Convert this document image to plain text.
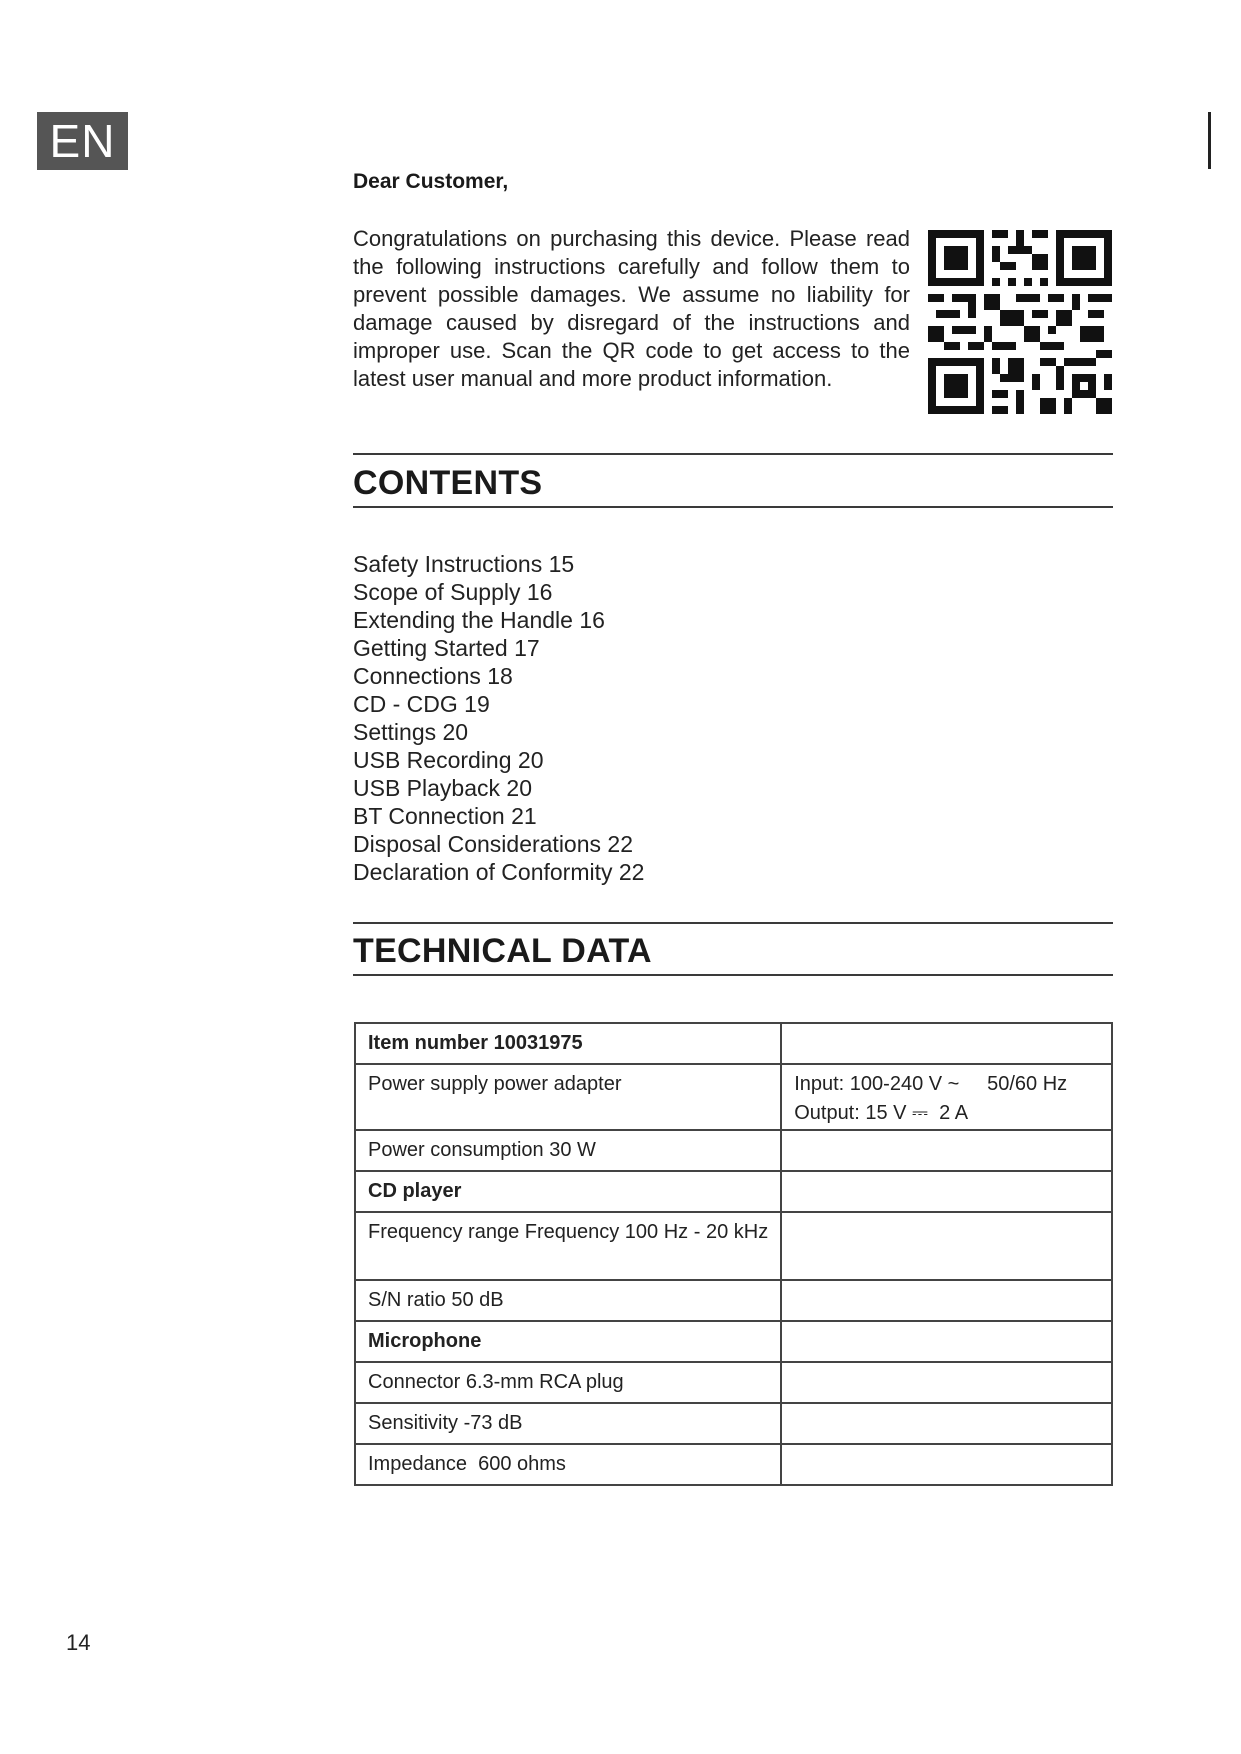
EN
Dear Customer,
Congratulations on purchasing this device. Please read the following instructions carefully and follow them to prevent possible damages. We assume no liability for damage caused by disregard of the instructions and improper use. Scan the QR code to get access to the latest user manual and more product information.
CONTENTS
Safety Instructions 15
Scope of Supply 16
Extending the Handle 16
Getting Started 17
Connections 18
CD - CDG 19
Settings 20
USB Recording 20
USB Playback 20
BT Connection 21
Disposal Considerations 22
Declaration of Conformity 22
TECHNICAL DATA
Item number 10031975	
Power supply power adapter	Input: 100-240 V ~     50/60 Hz
Output: 15 V ⎓  2 A

Power consumption 30 W	
CD player	
Frequency range Frequency 100 Hz - 20 kHz	
S/N ratio 50 dB	
Microphone	
Connector 6.3-mm RCA plug	
Sensitivity -73 dB	
Impedance  600 ohms	
14
